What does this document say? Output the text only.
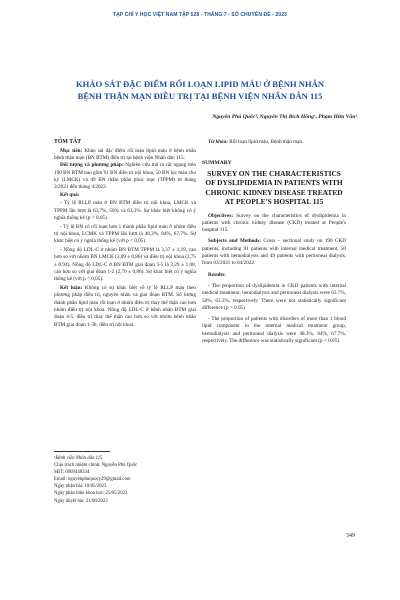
TẠP CHÍ Y HỌC VIỆT NAM TẬP 528 - THÁNG 7 - SỐ CHUYÊN ĐỀ - 2023
KHẢO SÁT ĐẶC ĐIỂM RỐI LOẠN LIPID MÁU Ở BỆNH NHÂN
BỆNH THẬN MẠN ĐIỀU TRỊ TẠI BỆNH VIỆN NHÂN DÂN 115
Nguyễn Phú Quốc¹, Nguyễn Thị Bích Hồng¹, Phạm Hữu Văn¹

TÓM TẮT

Mục tiêu: Khảo sát đặc điểm rối loạn lipid máu ở bệnh nhân bệnh thận mạn (BN BTM) điều trị tại bệnh viện Nhân dân 115.

Đối tượng và phương pháp: Nghiên cứu mô tả cắt ngang trên 190 BN BTM bao gồm 91 BN điều trị nội khoa, 50 BN lọc máu chu kỳ (LMCK) và 49 BN thẩm phân phúc mạc (TPPM) từ tháng 3/2021 đến tháng 4/2022.

Kết quả:

- Tỷ lệ RLLP máu ở BN BTM điều trị nội khoa, LMCK và TPPM lần lượt là 63,7%, 50% và 63,3%. Sự khác biệt không có ý nghĩa thống kê (p > 0,05).

- Tỷ lệ BN có rối loạn hơn 1 thành phần lipid máu ở nhóm điều trị nội khoa, LCMK và TPPM lần lượt là 48,3%, 84%, 67,7%. Sự khác biệt có ý nghĩa thống kê (với p < 0,05).

- Nồng độ LDL-C ở nhóm BN BTM TPPM là 3,37 ± 1,19, cao hơn so với nhóm BN LMCK (3,09 ± 0,86) và điều trị nội khoa (2,75 ± 0,94). Nồng độ LDL-C ở BN BTM giai đoạn 3-5 là 3,29 ± 1,08, cao hơn so với giai đoạn 1-2 (2,70 ± 0,86). Sự khác biệt có ý nghĩa thống kê (với p < 0,05).

Kết luận: Không có sự khác biệt về tỷ lệ RLLP máu theo phương pháp điều trị, nguyên nhân và giai đoạn BTM. Số lượng thành phần lipid máu rối loạn ở nhóm điều trị thay thế thận cao hơn nhóm điều trị nội khoa. Nồng độ LDL-C ở bệnh nhân BTM giai đoạn 4-5, điều trị thay thế thận cao hơn so với nhóm bệnh nhân BTM giai đoạn 1-3b, điều trị nội khoa.

Từ khóa: Rối loạn lipid máu, Bệnh thận mạn.

SUMMARY
SURVEY ON THE CHARACTERISTICS OF DYSLIPIDEMIA IN PATIENTS WITH CHRONIC KIDNEY DISEASE TREATED AT PEOPLE'S HOSPITAL 115

Objectives: Survey on the characteristics of dyslipidemia in patients with chronic kidney disease (CKD) treated at People's hospital 115.

Subjects and Methods: Cross – sectional study on 190 CKD patients, including 91 patients with internal medical treatment, 50 patients with hemodialysis and 49 patients with peritoneal dialysis, from 03/2021 to 04/2022.

Results:

- The proportion of dyslipidemia in CKD patients with internal medical treatment, hemodialysis and peritoneal dialysis were 63.7%, 50%, 63.3%, respectively. There were not statistically significant difference (p > 0.05).

- The proportion of patients with disorders of more than 1 blood lipid component in the internal medical treatment group, hemodialysis and peritoneal dialysis were 48.3%, 84%, 67.7%, respectively. The difference was statistically significant (p < 0.05).

¹Bệnh viện Nhân dân 115
Chịu trách nhiệm chính: Nguyễn Phú Quốc
SĐT: 0909448334
Email: nguyenphuquocy29@gmail.com
Ngày nhận bài: 10/05/2023
Ngày phản biện khoa học: 25/05/2023
Ngày duyệt bài: 21/06/2023
349
